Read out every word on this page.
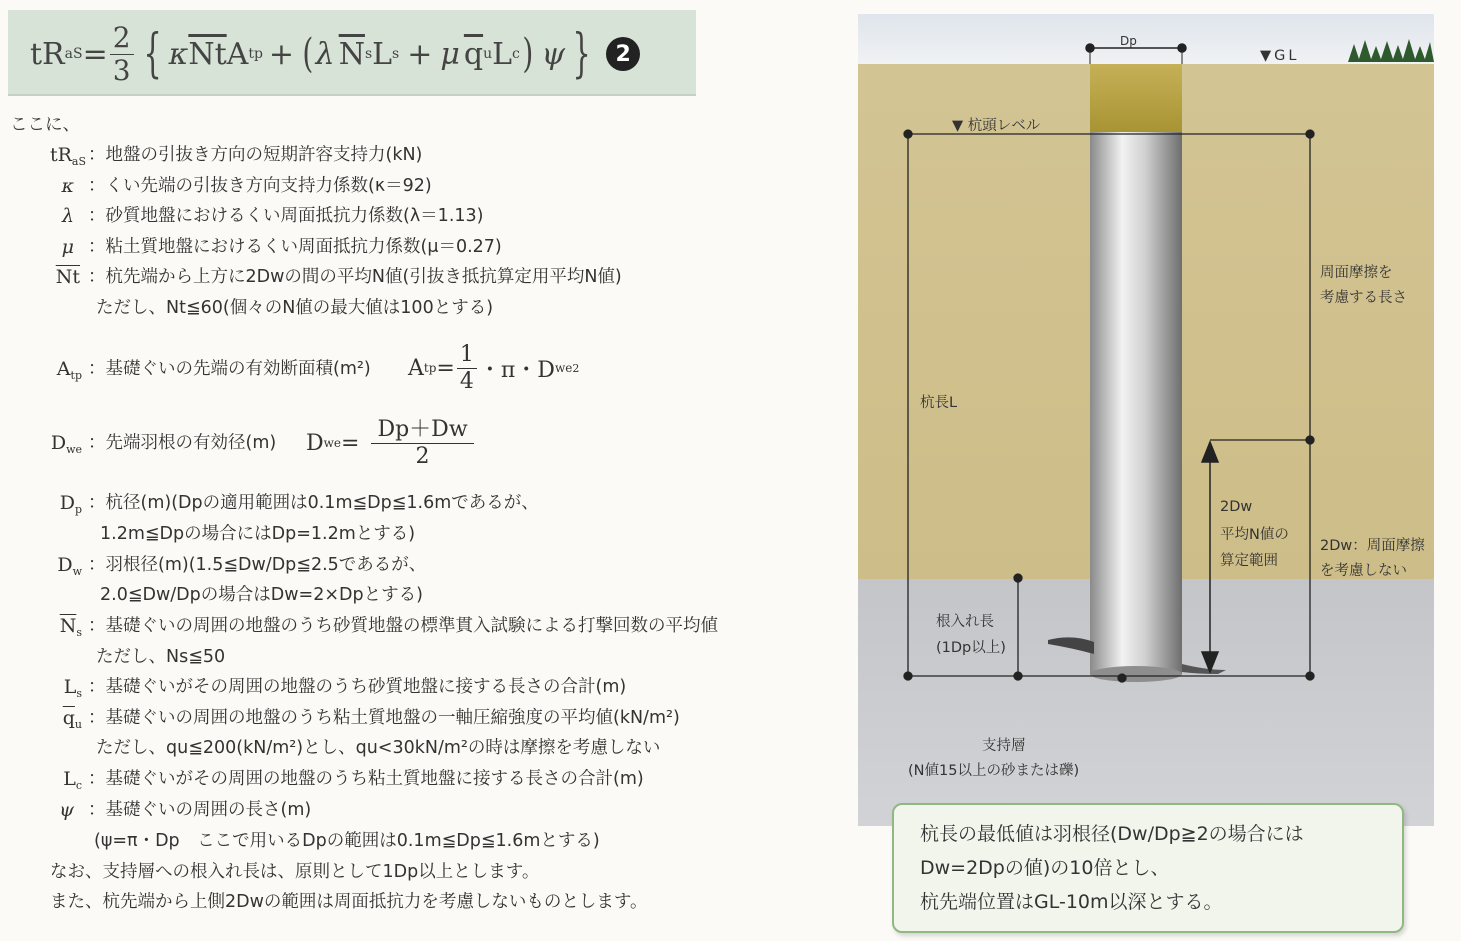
tR aS = $\frac{2}{3}$ { κ $\overline{Nt}$ A tp + ( λ $\overline{N}$ s L s + μ $\overline{q}$ u L c ) ψ }	2
ここに、
$tR_{aS}$ ：地盤の引抜き方向の短期許容支持力(kN)
κ ：くい先端の引抜き方向支持力係数(κ＝92)
λ ：砂質地盤におけるくい周面抵抗力係数(λ＝1.13)
μ ：粘土質地盤におけるくい周面抵抗力係数(μ＝0.27)
$\overline{Nt}$ ：杭先端から上方に2Dwの間の平均N値(引抜き抵抗算定用平均N値)
ただし、Nt≦60(個々のN値の最大値は100とする)
$A_{tp}$ ：基礎ぐいの先端の有効断面積(m²) A tp = $\frac{1}{4}$ ・π・D we 2
$D_{we}$ ：先端羽根の有効径(m) D we = $\frac{Dp+Dw}{2}$
$D_p$ ：杭径(m)(Dpの適用範囲は0.1m≦Dp≦1.6mであるが、
1.2m≦Dpの場合にはDp=1.2mとする)
$D_w$ ：羽根径(m)(1.5≦Dw/Dp≦2.5であるが、
2.0≦Dw/Dpの場合はDw=2×Dpとする)
$\overline{N}_s$ ：基礎ぐいの周囲の地盤のうち砂質地盤の標準貫入試験による打撃回数の平均値
ただし、Ns≦50
$L_s$ ：基礎ぐいがその周囲の地盤のうち砂質地盤に接する長さの合計(m)
$\overline{q}_u$ ：基礎ぐいの周囲の地盤のうち粘土質地盤の一軸圧縮強度の平均値(kN/m²)
ただし、qu≦200(kN/m²)とし、qu<30kN/m²の時は摩擦を考慮しない
$L_c$ ：基礎ぐいがその周囲の地盤のうち粘土質地盤に接する長さの合計(m)
ψ ：基礎ぐいの周囲の長さ(m)
(ψ=π・Dp　ここで用いるDpの範囲は0.1m≦Dp≦1.6mとする)
なお、支持層への根入れ長は、原則として1Dp以上とします。
また、杭先端から上側2Dwの範囲は周面抵抗力を考慮しないものとします。
Dp
▼GL
▼ 杭頭レベル
周面摩擦を
考慮する長さ
杭長L
2Dw
平均N値の
算定範囲
2Dw：周面摩擦
を考慮しない
根入れ長
(1Dp以上)
支持層
(N値15以上の砂または礫)
杭長の最低値は羽根径(Dw/Dp≧2の場合には
Dw=2Dpの値)の10倍とし、
杭先端位置はGL-10m以深とする。
